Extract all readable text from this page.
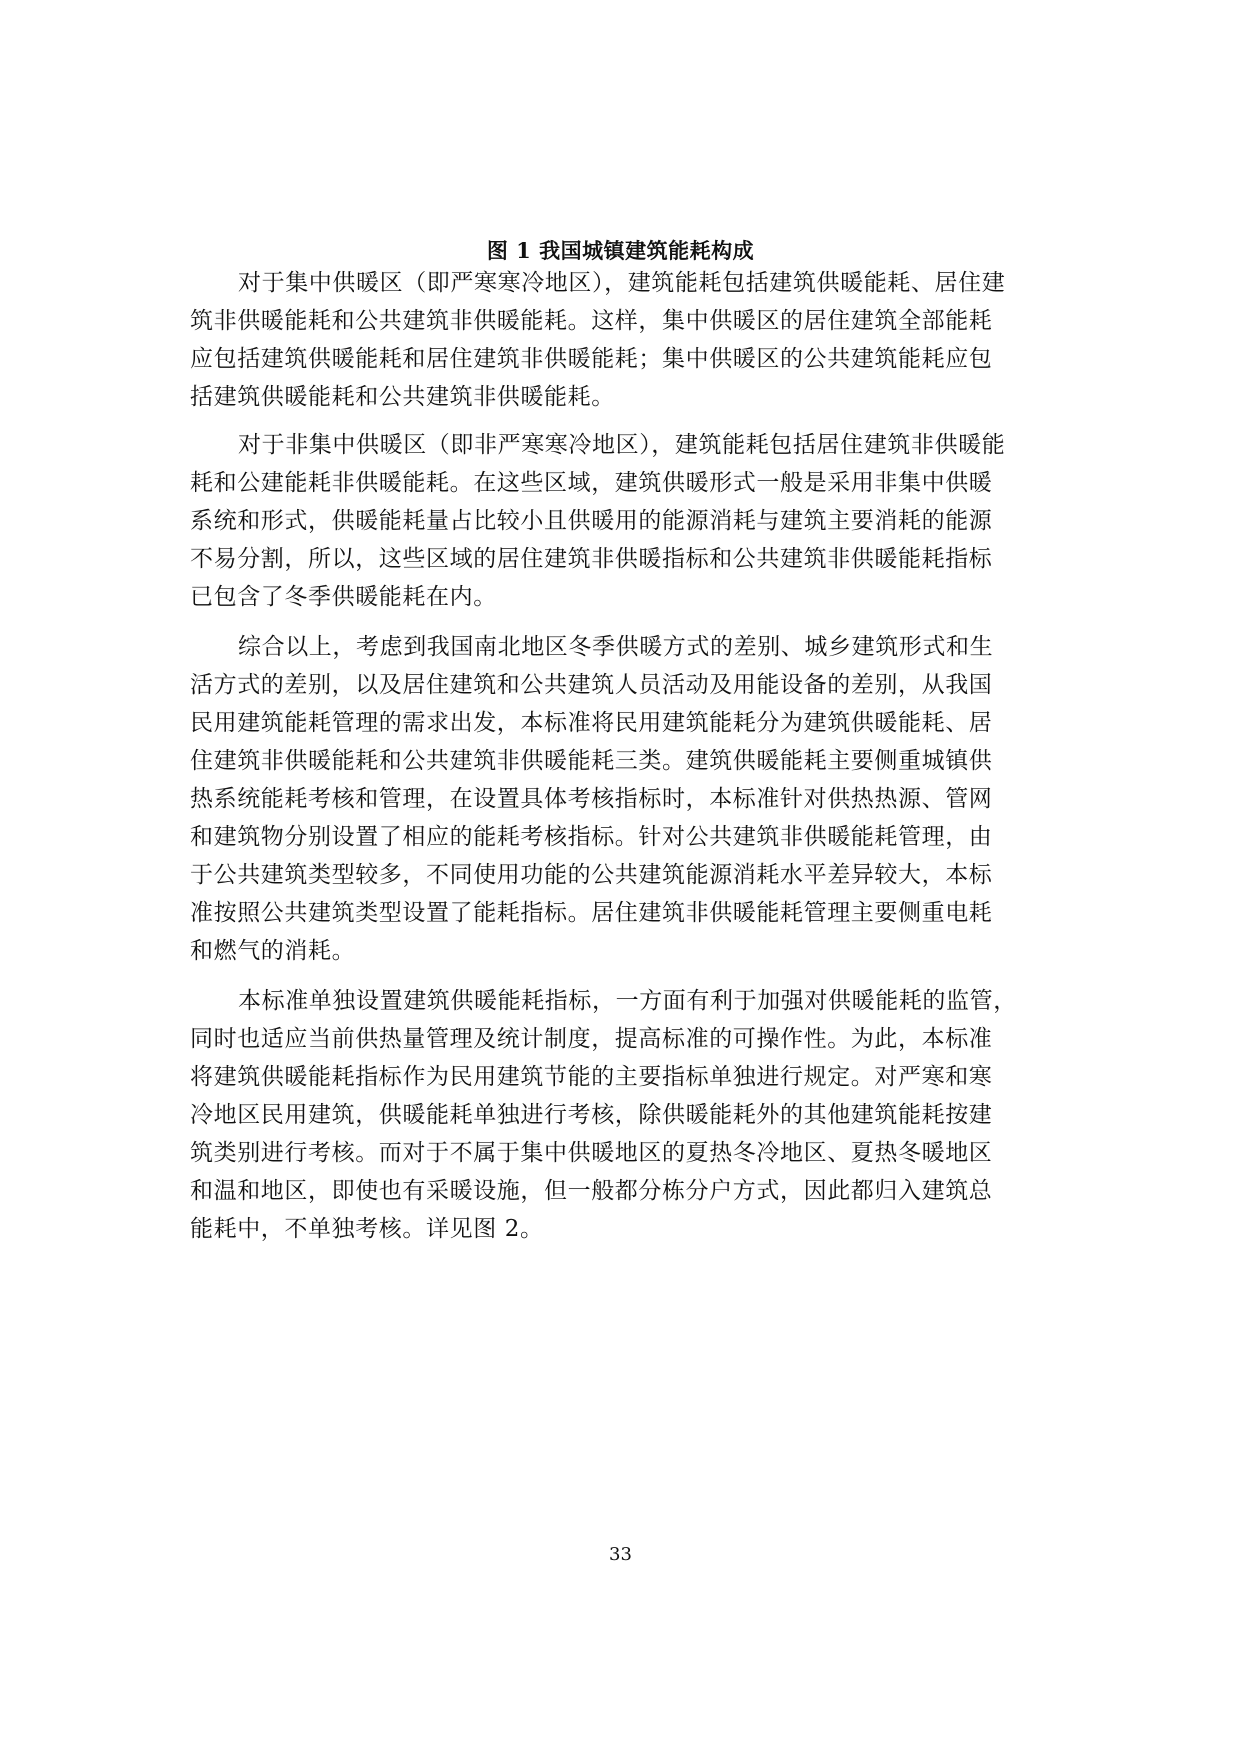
图 1 我国城镇建筑能耗构成
对于集中供暖区（即严寒寒冷地区），建筑能耗包括建筑供暖能耗、居住建
筑非供暖能耗和公共建筑非供暖能耗。这样，集中供暖区的居住建筑全部能耗
应包括建筑供暖能耗和居住建筑非供暖能耗；集中供暖区的公共建筑能耗应包
括建筑供暖能耗和公共建筑非供暖能耗。
对于非集中供暖区（即非严寒寒冷地区），建筑能耗包括居住建筑非供暖能
耗和公建能耗非供暖能耗。在这些区域，建筑供暖形式一般是采用非集中供暖
系统和形式，供暖能耗量占比较小且供暖用的能源消耗与建筑主要消耗的能源
不易分割，所以，这些区域的居住建筑非供暖指标和公共建筑非供暖能耗指标
已包含了冬季供暖能耗在内。
综合以上，考虑到我国南北地区冬季供暖方式的差别、城乡建筑形式和生
活方式的差别，以及居住建筑和公共建筑人员活动及用能设备的差别，从我国
民用建筑能耗管理的需求出发，本标准将民用建筑能耗分为建筑供暖能耗、居
住建筑非供暖能耗和公共建筑非供暖能耗三类。建筑供暖能耗主要侧重城镇供
热系统能耗考核和管理，在设置具体考核指标时，本标准针对供热热源、管网
和建筑物分别设置了相应的能耗考核指标。针对公共建筑非供暖能耗管理，由
于公共建筑类型较多，不同使用功能的公共建筑能源消耗水平差异较大，本标
准按照公共建筑类型设置了能耗指标。居住建筑非供暖能耗管理主要侧重电耗
和燃气的消耗。
本标准单独设置建筑供暖能耗指标，一方面有利于加强对供暖能耗的监管，
同时也适应当前供热量管理及统计制度，提高标准的可操作性。为此，本标准
将建筑供暖能耗指标作为民用建筑节能的主要指标单独进行规定。对严寒和寒
冷地区民用建筑，供暖能耗单独进行考核，除供暖能耗外的其他建筑能耗按建
筑类别进行考核。而对于不属于集中供暖地区的夏热冬冷地区、夏热冬暖地区
和温和地区，即使也有采暖设施，但一般都分栋分户方式，因此都归入建筑总
能耗中，不单独考核。详见图 2。
33
